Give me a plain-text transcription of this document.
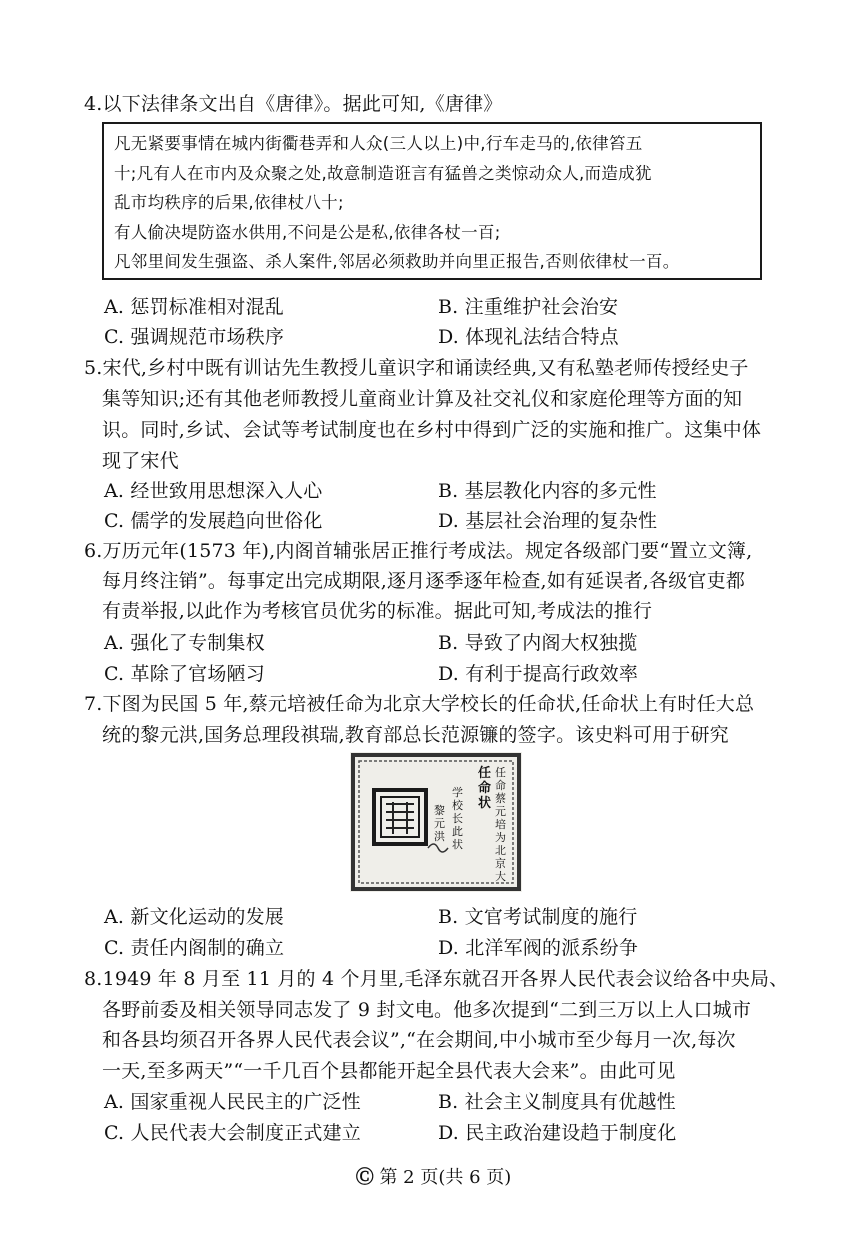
4.以下法律条文出自《唐律》。据此可知,《唐律》
凡无紧要事情在城内街衢巷弄和人众(三人以上)中,行车走马的,依律笞五
十;凡有人在市内及众聚之处,故意制造诳言有猛兽之类惊动众人,而造成犹
乱市均秩序的后果,依律杖八十;
有人偷决堤防盗水供用,不问是公是私,依律各杖一百;
凡邻里间发生强盗、杀人案件,邻居必须救助并向里正报告,否则依律杖一百。
A. 惩罚标准相对混乱	B. 注重维护社会治安
C. 强调规范市场秩序	D. 体现礼法结合特点
5.宋代,乡村中既有训诂先生教授儿童识字和诵读经典,又有私塾老师传授经史子
集等知识;还有其他老师教授儿童商业计算及社交礼仪和家庭伦理等方面的知
识。同时,乡试、会试等考试制度也在乡村中得到广泛的实施和推广。这集中体
现了宋代
A. 经世致用思想深入人心	B. 基层教化内容的多元性
C. 儒学的发展趋向世俗化	D. 基层社会治理的复杂性
6.万历元年(1573 年),内阁首辅张居正推行考成法。规定各级部门要“置立文簿,
每月终注销”。每事定出完成期限,逐月逐季逐年检查,如有延误者,各级官吏都
有责举报,以此作为考核官员优劣的标准。据此可知,考成法的推行
A. 强化了专制集权	B. 导致了内阁大权独揽
C. 革除了官场陋习	D. 有利于提高行政效率
7.下图为民国 5 年,蔡元培被任命为北京大学校长的任命状,任命状上有时任大总
统的黎元洪,国务总理段祺瑞,教育部总长范源镰的签字。该史料可用于研究
任命状
任命蔡元培为北京大
学校长此状
黎元洪
A. 新文化运动的发展	B. 文官考试制度的施行
C. 责任内阁制的确立	D. 北洋军阀的派系纷争
8.1949 年 8 月至 11 月的 4 个月里,毛泽东就召开各界人民代表会议给各中央局、
各野前委及相关领导同志发了 9 封文电。他多次提到“二到三万以上人口城市
和各县均须召开各界人民代表会议”,“在会期间,中小城市至少每月一次,每次
一天,至多两天”“一千几百个县都能开起全县代表大会来”。由此可见
A. 国家重视人民民主的广泛性	B. 社会主义制度具有优越性
C. 人民代表大会制度正式建立	D. 民主政治建设趋于制度化
Ⓒ 第 2 页(共 6 页)
